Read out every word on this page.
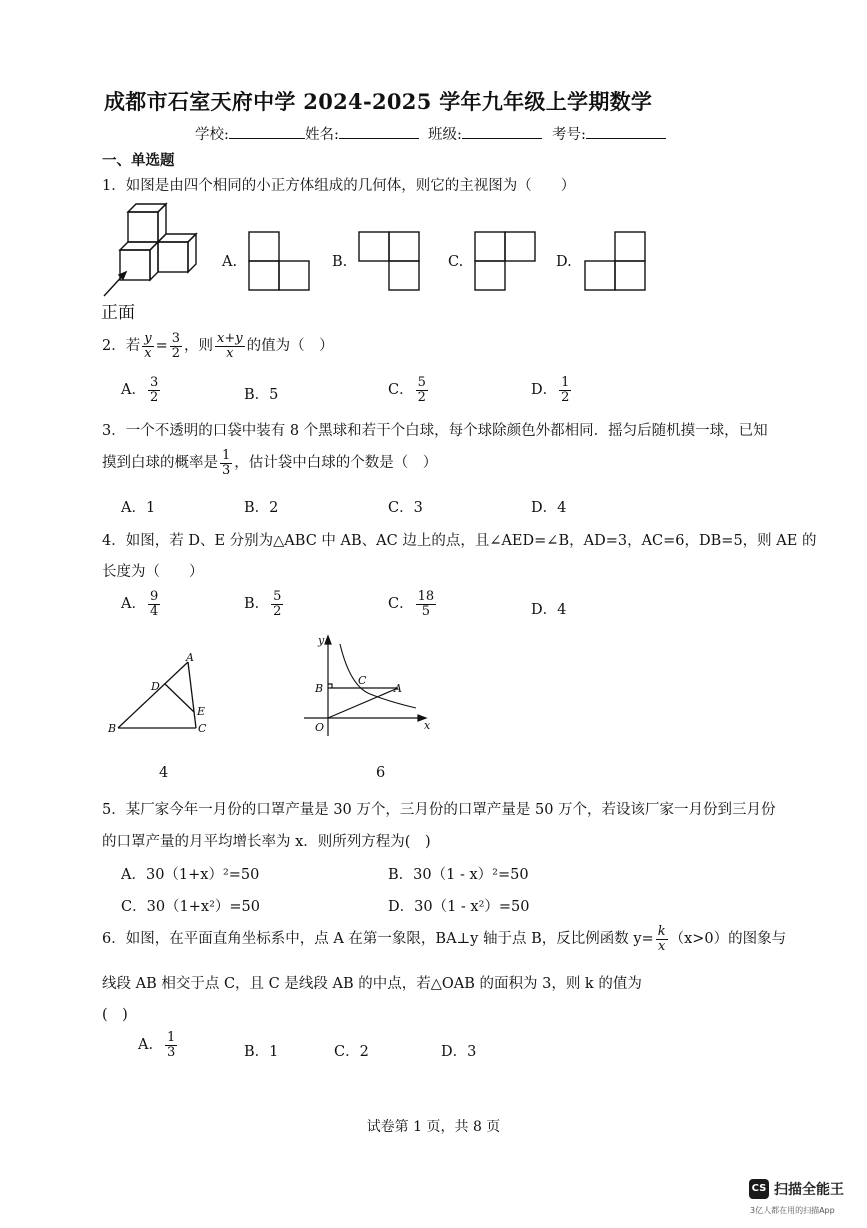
成都市石室天府中学 2024-2025 学年九年级上学期数学
学校:	姓名:	班级:	考号:
一、单选题
1．如图是由四个相同的小正方体组成的几何体，则它的主视图为（　　）
正面
A.	B.	C.	D.
2．若 $\frac{y}{x} = \frac{3}{2}$ ，则 $\frac{x+y}{x}$ 的值为（　）
A． $\frac{3}{2}$	B．5	C． $\frac{5}{2}$	D． $\frac{1}{2}$
3．一个不透明的口袋中装有 8 个黑球和若干个白球，每个球除颜色外都相同．摇匀后随机摸一球，已知
摸到白球的概率是 $\frac{1}{3}$ ，估计袋中白球的个数是（　）
A．1	B．2	C．3	D．4
4．如图，若 D、E 分别为△ABC 中 AB、AC 边上的点，且∠AED=∠B，AD=3，AC=6，DB=5，则 AE 的
长度为（　　）
A． $\frac{9}{4}$	B． $\frac{5}{2}$	C． $\frac{18}{5}$	D．4
A
B	C
D
E
4
y
x
O
B
C
A
6
5．某厂家今年一月份的口罩产量是 30 万个，三月份的口罩产量是 50 万个，若设该厂家一月份到三月份
的口罩产量的月平均增长率为 x．则所列方程为(　)
A．30（1+x）²=50	B．30（1 - x）²=50
C．30（1+x²）=50	D．30（1 - x²）=50
6．如图，在平面直角坐标系中，点 A 在第一象限，BA⊥y 轴于点 B，反比例函数 $y= \frac{k}{x} (x>0)$的图象与
线段 AB 相交于点 C，且 C 是线段 AB 的中点，若△OAB 的面积为 3，则 k 的值为
(　)
A． $\frac{1}{3}$	B．1	C．2	D．3
试卷第 1 页，共 8 页
CS 扫描全能王
3亿人都在用的扫描App
